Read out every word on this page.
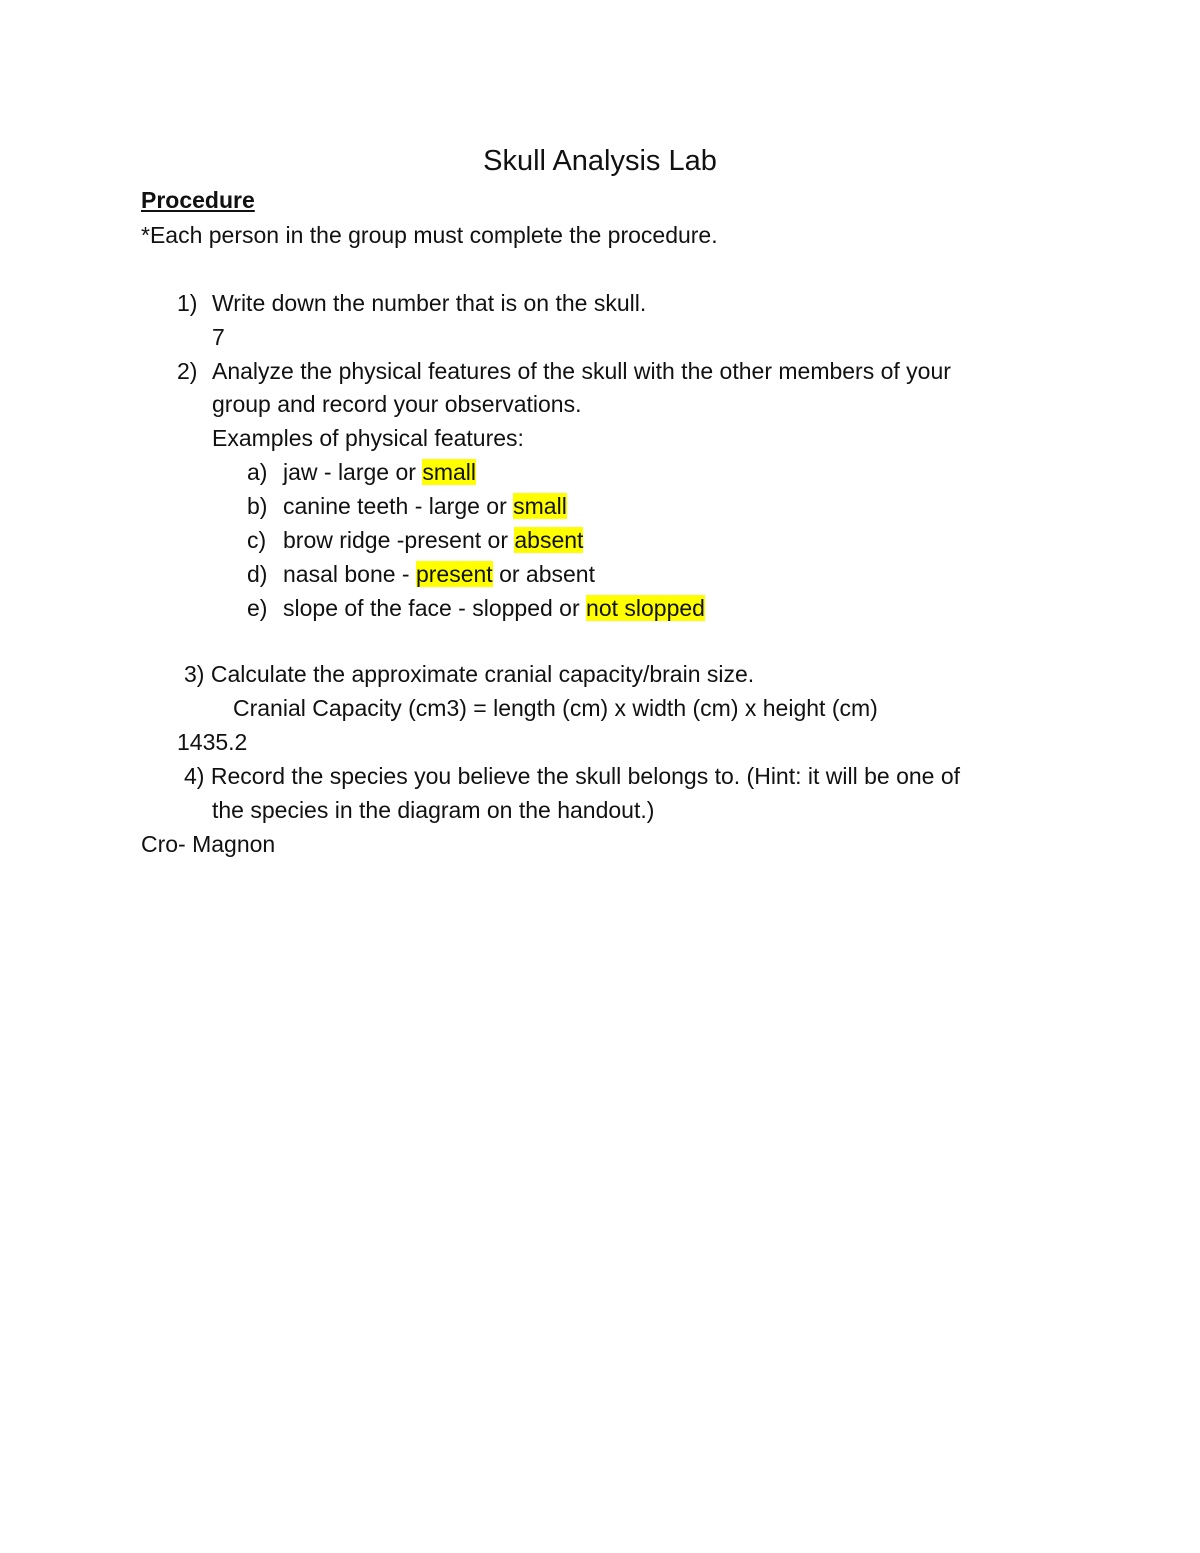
Skull Analysis Lab
Procedure
*Each person in the group must complete the procedure.
1) Write down the number that is on the skull.
7
2) Analyze the physical features of the skull with the other members of your
group and record your observations.
Examples of physical features:
a) jaw - large or small
b) canine teeth - large or small
c) brow ridge -present or absent
d) nasal bone - present or absent
e) slope of the face - slopped or not slopped
3) Calculate the approximate cranial capacity/brain size.
Cranial Capacity (cm3) = length (cm) x width (cm) x height (cm)
1435.2
4) Record the species you believe the skull belongs to. (Hint: it will be one of
the species in the diagram on the handout.)
Cro- Magnon
